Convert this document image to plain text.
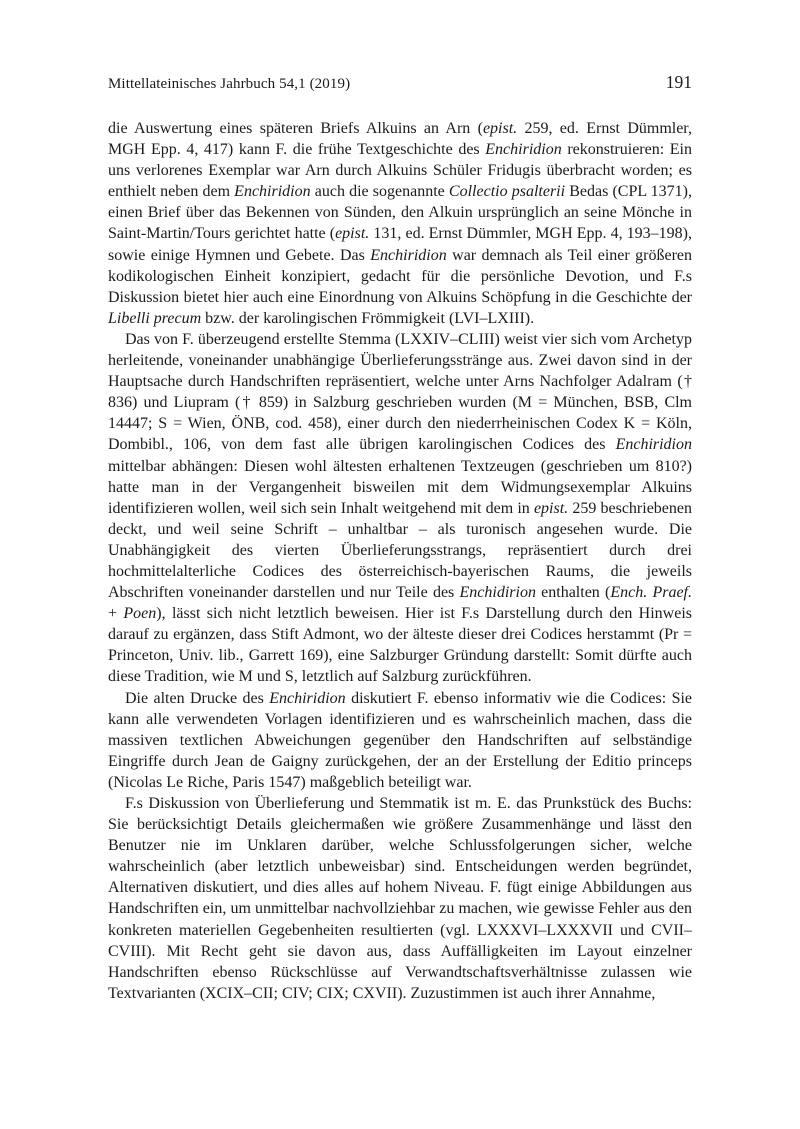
Mittellateinisches Jahrbuch 54,1 (2019)	191

die Auswertung eines späteren Briefs Alkuins an Arn (epist. 259, ed. Ernst Dümmler, MGH Epp. 4, 417) kann F. die frühe Textgeschichte des Enchiridion rekonstruieren: Ein uns verlorenes Exemplar war Arn durch Alkuins Schüler Fridugis überbracht worden; es enthielt neben dem Enchiridion auch die sogenannte Collectio psalterii Bedas (CPL 1371), einen Brief über das Bekennen von Sünden, den Alkuin ursprünglich an seine Mönche in Saint-Martin/Tours gerichtet hatte (epist. 131, ed. Ernst Dümmler, MGH Epp. 4, 193–198), sowie einige Hymnen und Gebete. Das Enchiridion war demnach als Teil einer größeren kodikologischen Einheit konzipiert, gedacht für die persönliche Devotion, und F.s Diskussion bietet hier auch eine Einordnung von Alkuins Schöpfung in die Geschichte der Libelli precum bzw. der karolingischen Frömmigkeit (LVI–LXIII).

Das von F. überzeugend erstellte Stemma (LXXIV–CLIII) weist vier sich vom Archetyp herleitende, voneinander unabhängige Überlieferungsstränge aus. Zwei davon sind in der Hauptsache durch Handschriften repräsentiert, welche unter Arns Nachfolger Adalram († 836) und Liupram († 859) in Salzburg geschrieben wurden (M = München, BSB, Clm 14447; S = Wien, ÖNB, cod. 458), einer durch den niederrheinischen Codex K = Köln, Dombibl., 106, von dem fast alle übrigen karolingischen Codices des Enchiridion mittelbar abhängen: Diesen wohl ältesten erhaltenen Textzeugen (geschrieben um 810?) hatte man in der Vergangenheit bisweilen mit dem Widmungsexemplar Alkuins identifizieren wollen, weil sich sein Inhalt weitgehend mit dem in epist. 259 beschriebenen deckt, und weil seine Schrift – unhaltbar – als turonisch angesehen wurde. Die Unabhängigkeit des vierten Überlieferungsstrangs, repräsentiert durch drei hochmittelalterliche Codices des österreichisch-bayerischen Raums, die jeweils Abschriften voneinander darstellen und nur Teile des Enchidirion enthalten (Ench. Praef. + Poen), lässt sich nicht letztlich beweisen. Hier ist F.s Darstellung durch den Hinweis darauf zu ergänzen, dass Stift Admont, wo der älteste dieser drei Codices herstammt (Pr = Princeton, Univ. lib., Garrett 169), eine Salzburger Gründung darstellt: Somit dürfte auch diese Tradition, wie M und S, letztlich auf Salzburg zurückführen.

Die alten Drucke des Enchiridion diskutiert F. ebenso informativ wie die Codices: Sie kann alle verwendeten Vorlagen identifizieren und es wahrscheinlich machen, dass die massiven textlichen Abweichungen gegenüber den Handschriften auf selbständige Eingriffe durch Jean de Gaigny zurückgehen, der an der Erstellung der Editio princeps (Nicolas Le Riche, Paris 1547) maßgeblich beteiligt war.

F.s Diskussion von Überlieferung und Stemmatik ist m. E. das Prunkstück des Buchs: Sie berücksichtigt Details gleichermaßen wie größere Zusammenhänge und lässt den Benutzer nie im Unklaren darüber, welche Schlussfolgerungen sicher, welche wahrscheinlich (aber letztlich unbeweisbar) sind. Entscheidungen werden begründet, Alternativen diskutiert, und dies alles auf hohem Niveau. F. fügt einige Abbildungen aus Handschriften ein, um unmittelbar nachvollziehbar zu machen, wie gewisse Fehler aus den konkreten materiellen Gegebenheiten resultierten (vgl. LXXXVI–LXXXVII und CVII–CVIII). Mit Recht geht sie davon aus, dass Auffälligkeiten im Layout einzelner Handschriften ebenso Rückschlüsse auf Verwandtschaftsverhältnisse zulassen wie Textvarianten (XCIX–CII; CIV; CIX; CXVII). Zuzustimmen ist auch ihrer Annahme,
